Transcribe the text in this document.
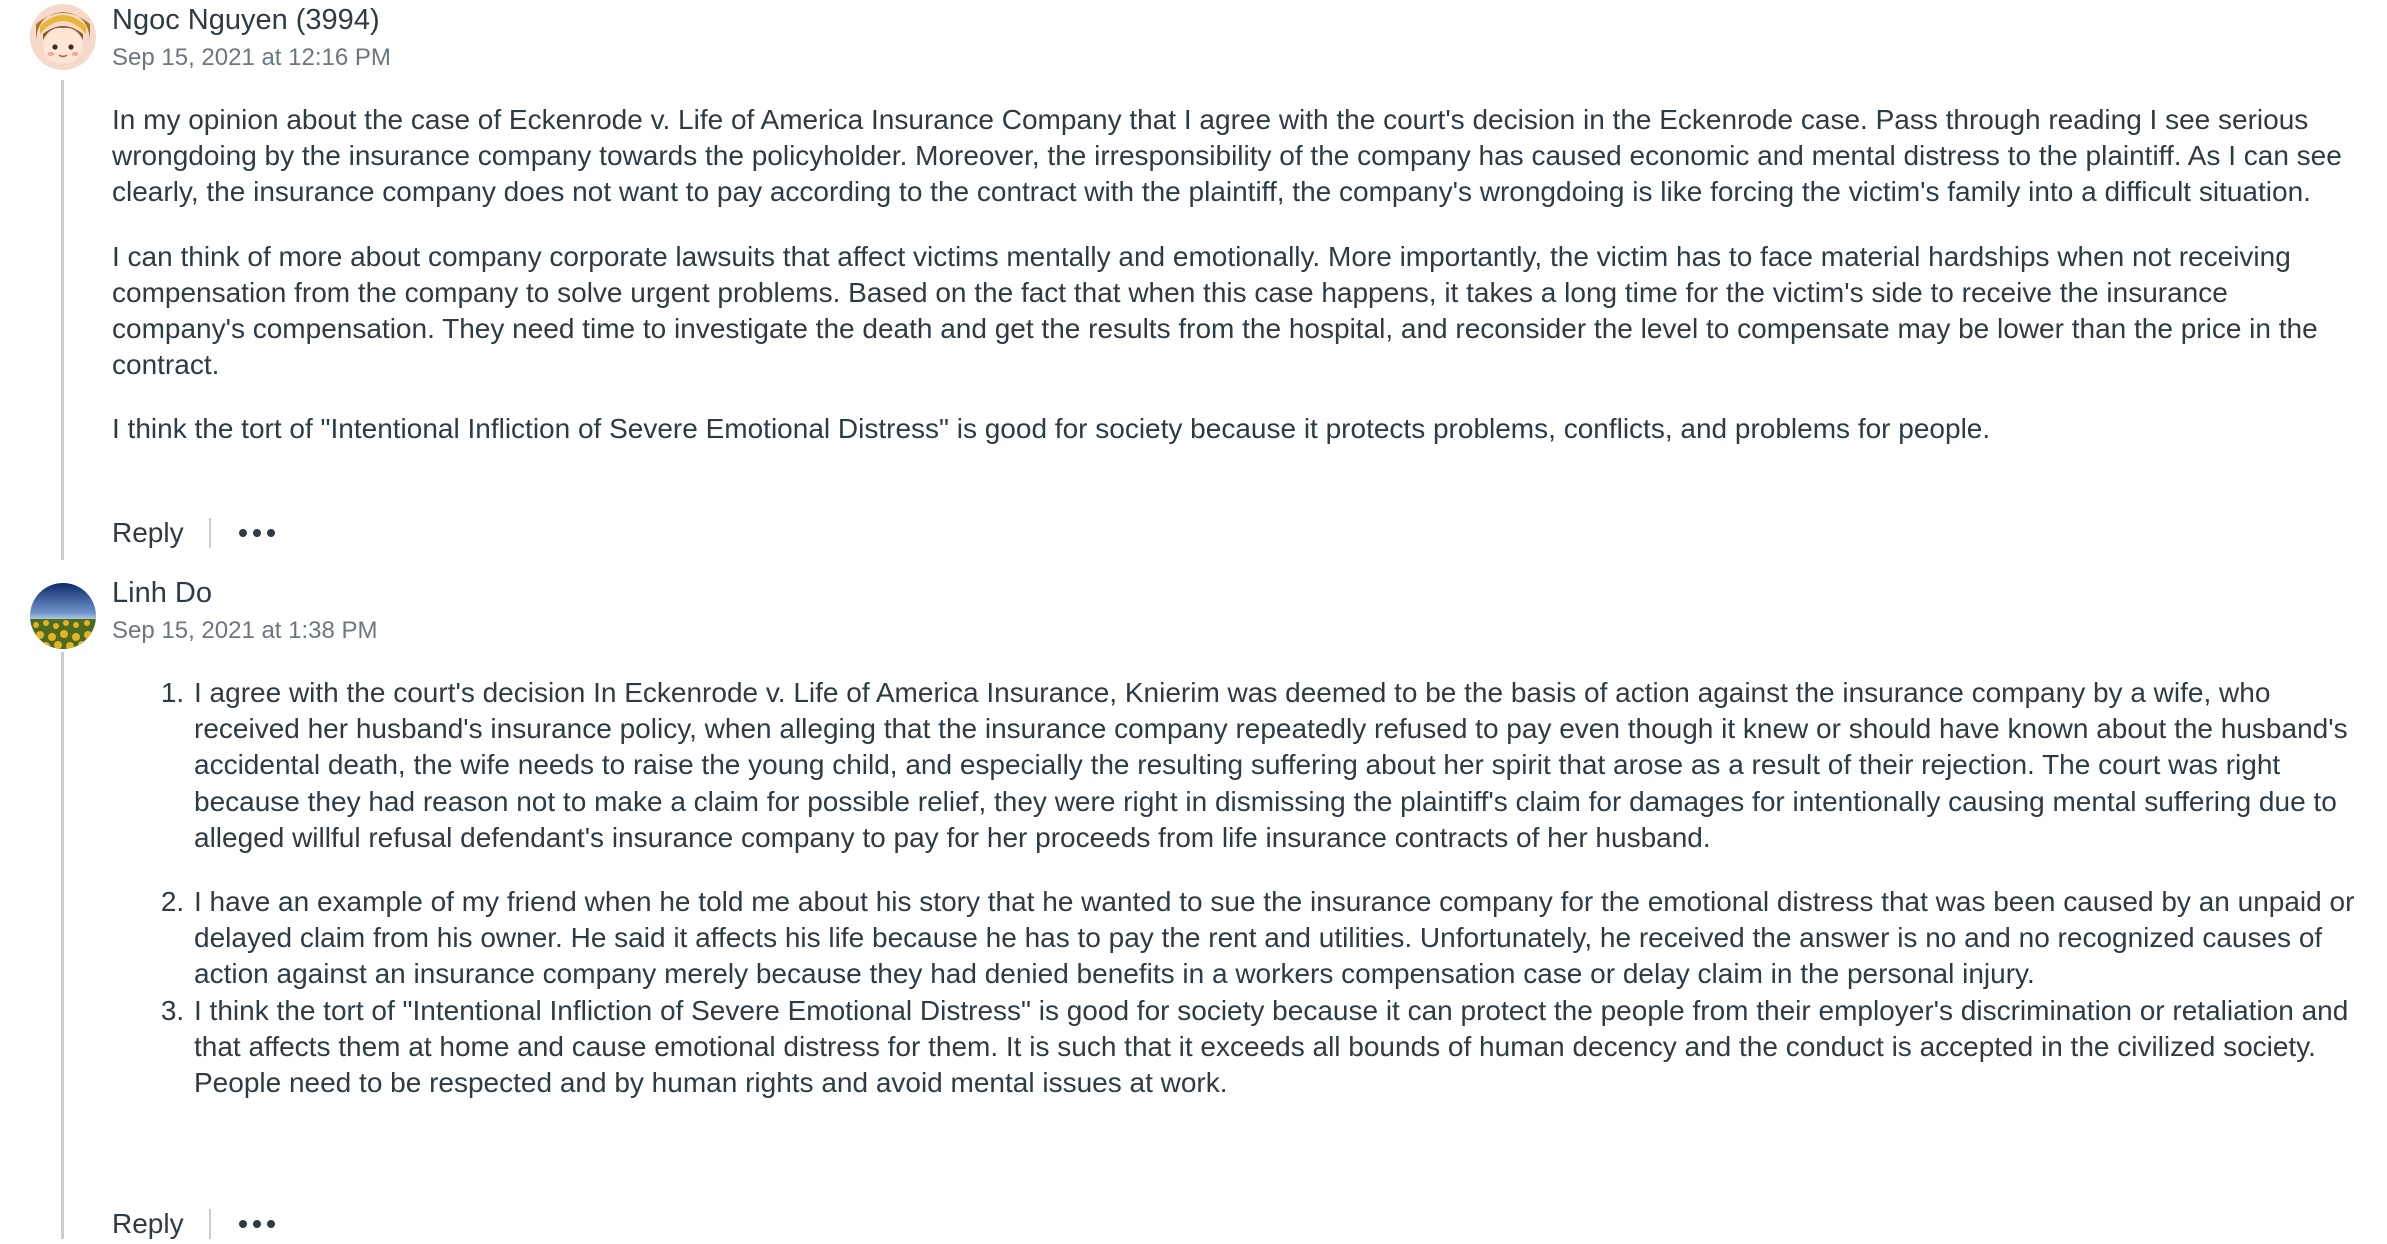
Ngoc Nguyen (3994)
Sep 15, 2021 at 12:16 PM

In my opinion about the case of Eckenrode v. Life of America Insurance Company that I agree with the court's decision in the Eckenrode case. Pass through reading I see serious wrongdoing by the insurance company towards the policyholder. Moreover, the irresponsibility of the company has caused economic and mental distress to the plaintiff. As I can see clearly, the insurance company does not want to pay according to the contract with the plaintiff, the company's wrongdoing is like forcing the victim's family into a difficult situation.

I can think of more about company corporate lawsuits that affect victims mentally and emotionally. More importantly, the victim has to face material hardships when not receiving compensation from the company to solve urgent problems. Based on the fact that when this case happens, it takes a long time for the victim's side to receive the insurance company's compensation. They need time to investigate the death and get the results from the hospital, and reconsider the level to compensate may be lower than the price in the contract.

I think the tort of "Intentional Infliction of Severe Emotional Distress" is good for society because it protects problems, conflicts, and problems for people.

Reply
Linh Do
Sep 15, 2021 at 1:38 PM
1. I agree with the court's decision In Eckenrode v. Life of America Insurance, Knierim was deemed to be the basis of action against the insurance company by a wife, who received her husband's insurance policy, when alleging that the insurance company repeatedly refused to pay even though it knew or should have known about the husband's accidental death, the wife needs to raise the young child, and especially the resulting suffering about her spirit that arose as a result of their rejection. The court was right because they had reason not to make a claim for possible relief, they were right in dismissing the plaintiff's claim for damages for intentionally causing mental suffering due to alleged willful refusal defendant's insurance company to pay for her proceeds from life insurance contracts of her husband.
2. I have an example of my friend when he told me about his story that he wanted to sue the insurance company for the emotional distress that was been caused by an unpaid or delayed claim from his owner. He said it affects his life because he has to pay the rent and utilities. Unfortunately, he received the answer is no and no recognized causes of action against an insurance company merely because they had denied benefits in a workers compensation case or delay claim in the personal injury.
3. I think the tort of "Intentional Infliction of Severe Emotional Distress" is good for society because it can protect the people from their employer's discrimination or retaliation and that affects them at home and cause emotional distress for them. It is such that it exceeds all bounds of human decency and the conduct is accepted in the civilized society. People need to be respected and by human rights and avoid mental issues at work.
Reply
